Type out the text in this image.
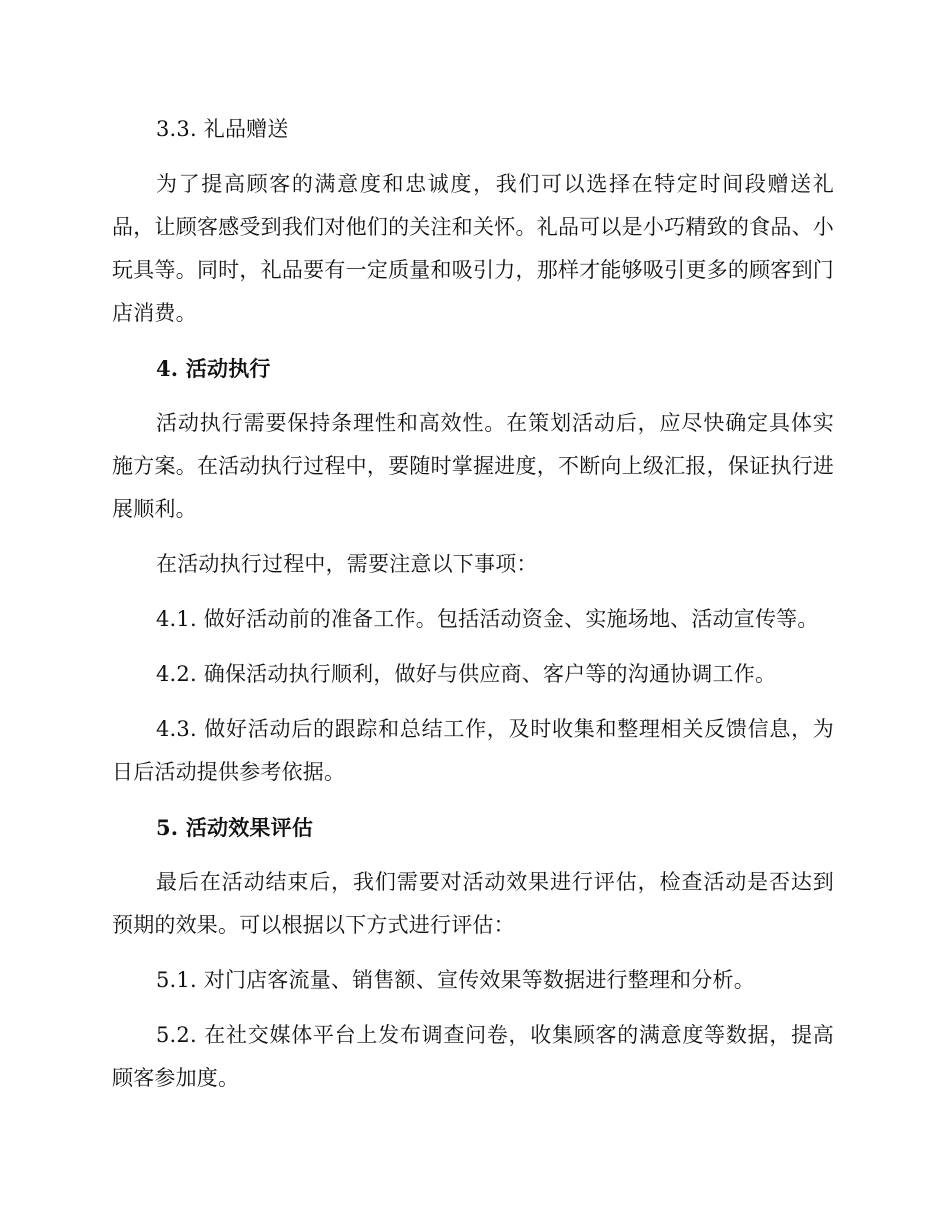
3.3. 礼品赠送

为了提高顾客的满意度和忠诚度，我们可以选择在特定时间段赠送礼品，让顾客感受到我们对他们的关注和关怀。礼品可以是小巧精致的食品、小玩具等。同时，礼品要有一定质量和吸引力，那样才能够吸引更多的顾客到门店消费。

4. 活动执行

活动执行需要保持条理性和高效性。在策划活动后，应尽快确定具体实施方案。在活动执行过程中，要随时掌握进度，不断向上级汇报，保证执行进展顺利。

在活动执行过程中，需要注意以下事项：

4.1. 做好活动前的准备工作。包括活动资金、实施场地、活动宣传等。

4.2. 确保活动执行顺利，做好与供应商、客户等的沟通协调工作。

4.3. 做好活动后的跟踪和总结工作，及时收集和整理相关反馈信息，为日后活动提供参考依据。

5. 活动效果评估

最后在活动结束后，我们需要对活动效果进行评估，检查活动是否达到预期的效果。可以根据以下方式进行评估：

5.1. 对门店客流量、销售额、宣传效果等数据进行整理和分析。

5.2. 在社交媒体平台上发布调查问卷，收集顾客的满意度等数据，提高顾客参加度。
